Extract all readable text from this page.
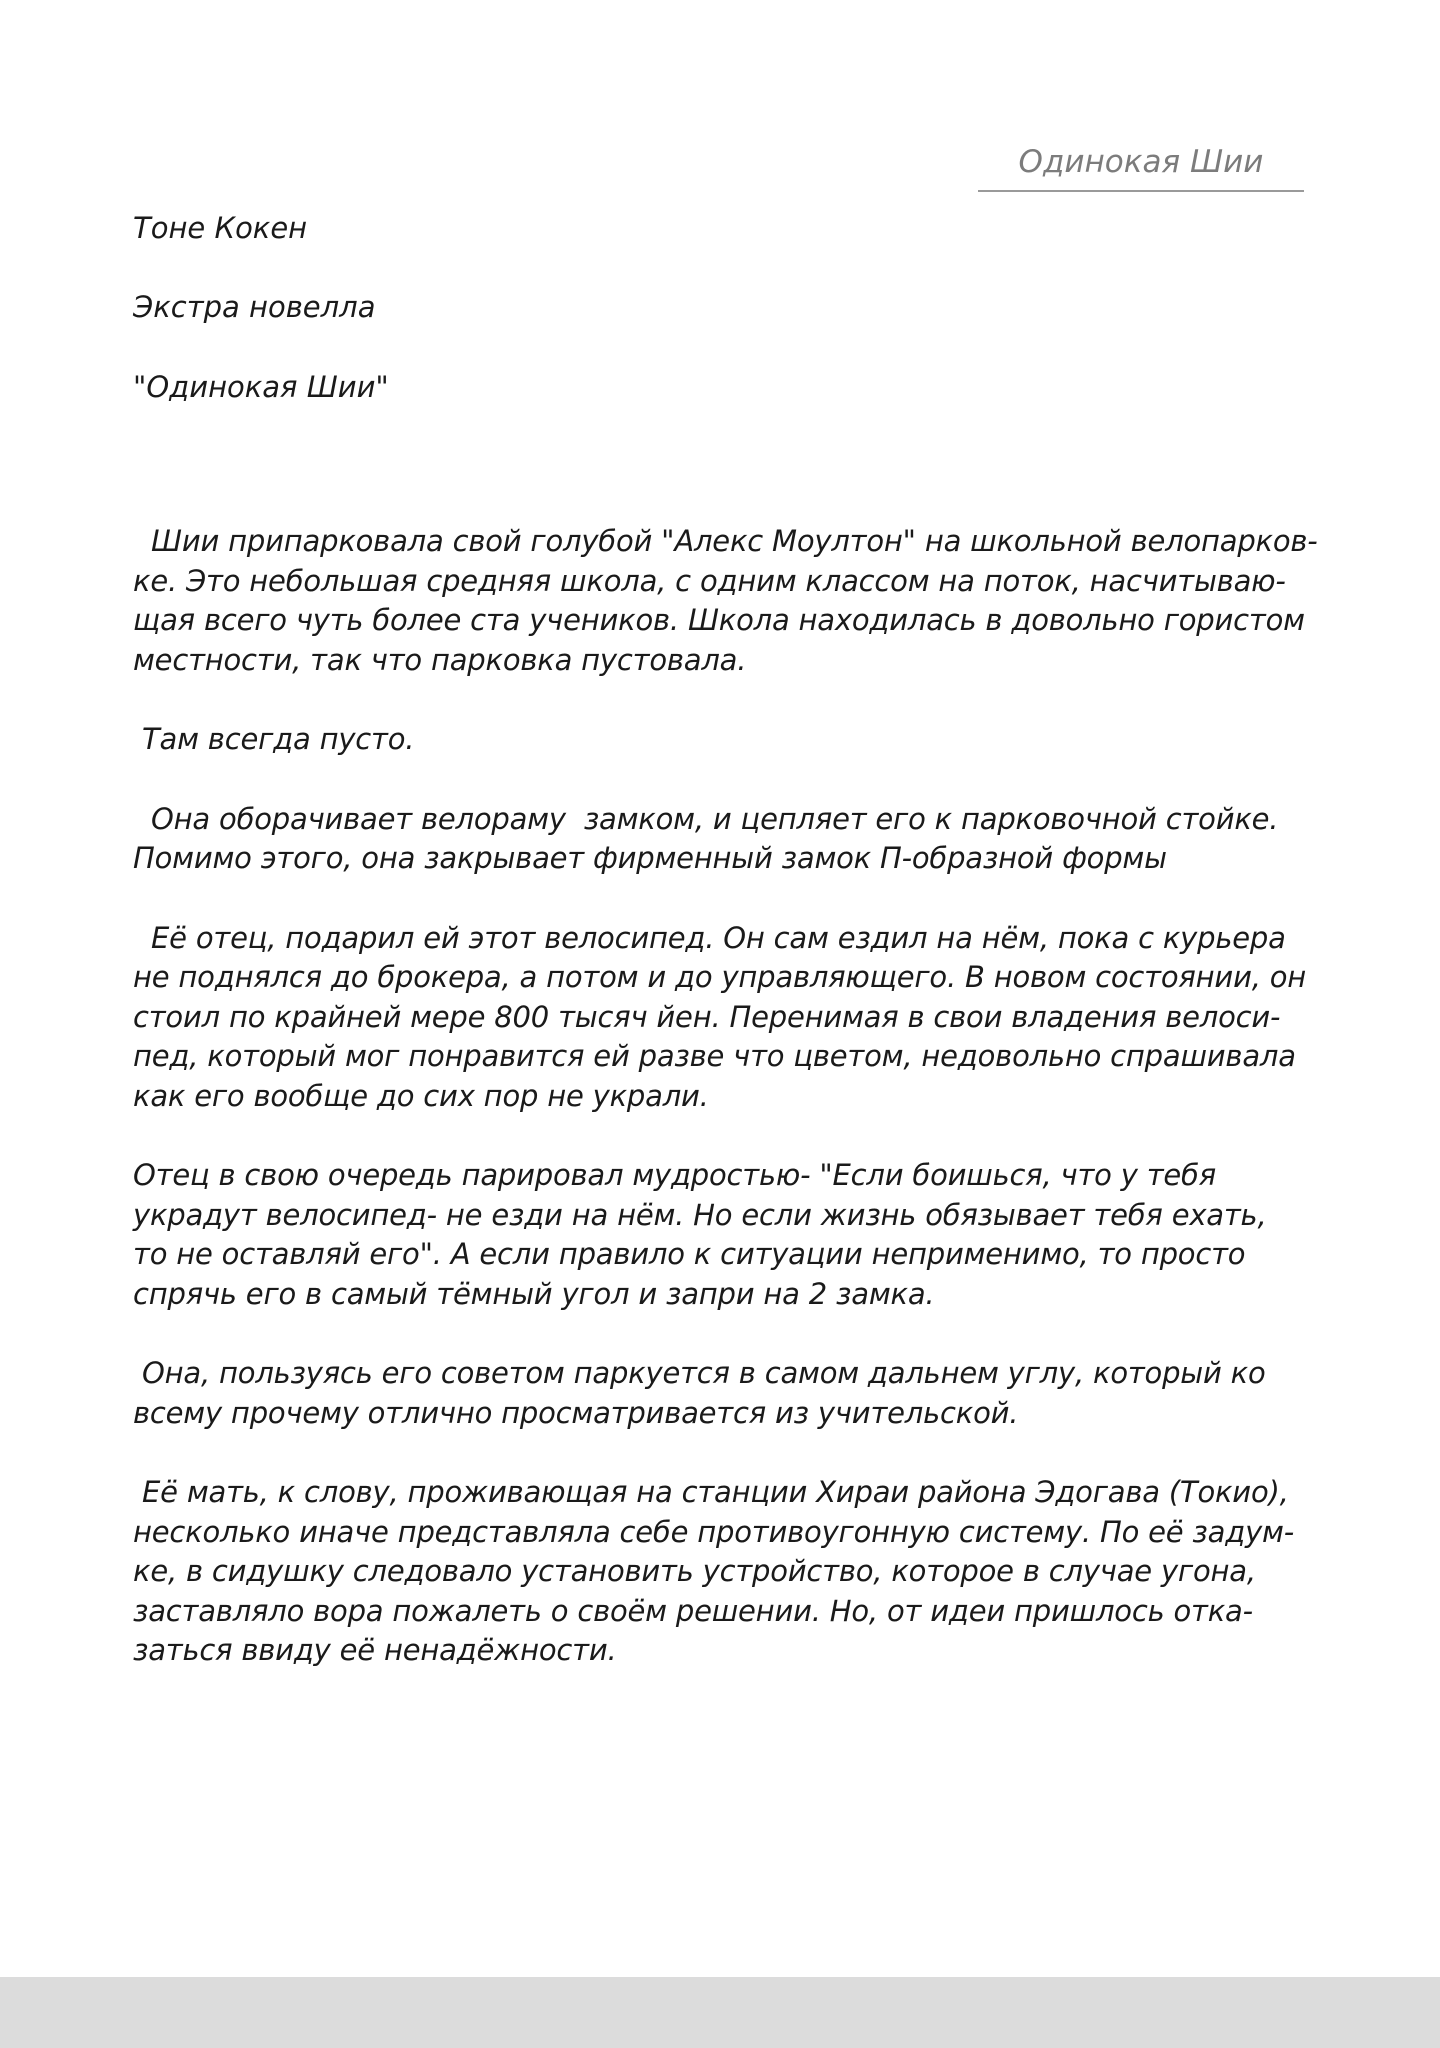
Одинокая Шии
Тоне Кокен
Экстра новелла
"Одинокая Шии"

Шии припарковала свой голубой "Алекс Моултон" на школьной велопарков-
ке. Это небольшая средняя школа, с одним классом на поток, насчитываю-
щая всего чуть более ста учеников. Школа находилась в довольно гористом
местности, так что парковка пустовала.

Там всегда пусто.

Она оборачивает велораму  замком, и цепляет его к парковочной стойке.
Помимо этого, она закрывает фирменный замок П-образной формы

Её отец, подарил ей этот велосипед. Он сам ездил на нём, пока с курьера
не поднялся до брокера, а потом и до управляющего. В новом состоянии, он
стоил по крайней мере 800 тысяч йен. Перенимая в свои владения велоси-
пед, который мог понравится ей разве что цветом, недовольно спрашивала
как его вообще до сих пор не украли.

Отец в свою очередь парировал мудростью- "Если боишься, что у тебя
украдут велосипед- не езди на нём. Но если жизнь обязывает тебя ехать,
то не оставляй его". А если правило к ситуации неприменимо, то просто
спрячь его в самый тёмный угол и запри на 2 замка.

Она, пользуясь его советом паркуется в самом дальнем углу, который ко
всему прочему отлично просматривается из учительской.

Её мать, к слову, проживающая на станции Хираи района Эдогава (Токио),
несколько иначе представляла себе противоугонную систему. По её задум-
ке, в сидушку следовало установить устройство, которое в случае угона,
заставляло вора пожалеть о своём решении. Но, от идеи пришлось отка-
заться ввиду её ненадёжности.
